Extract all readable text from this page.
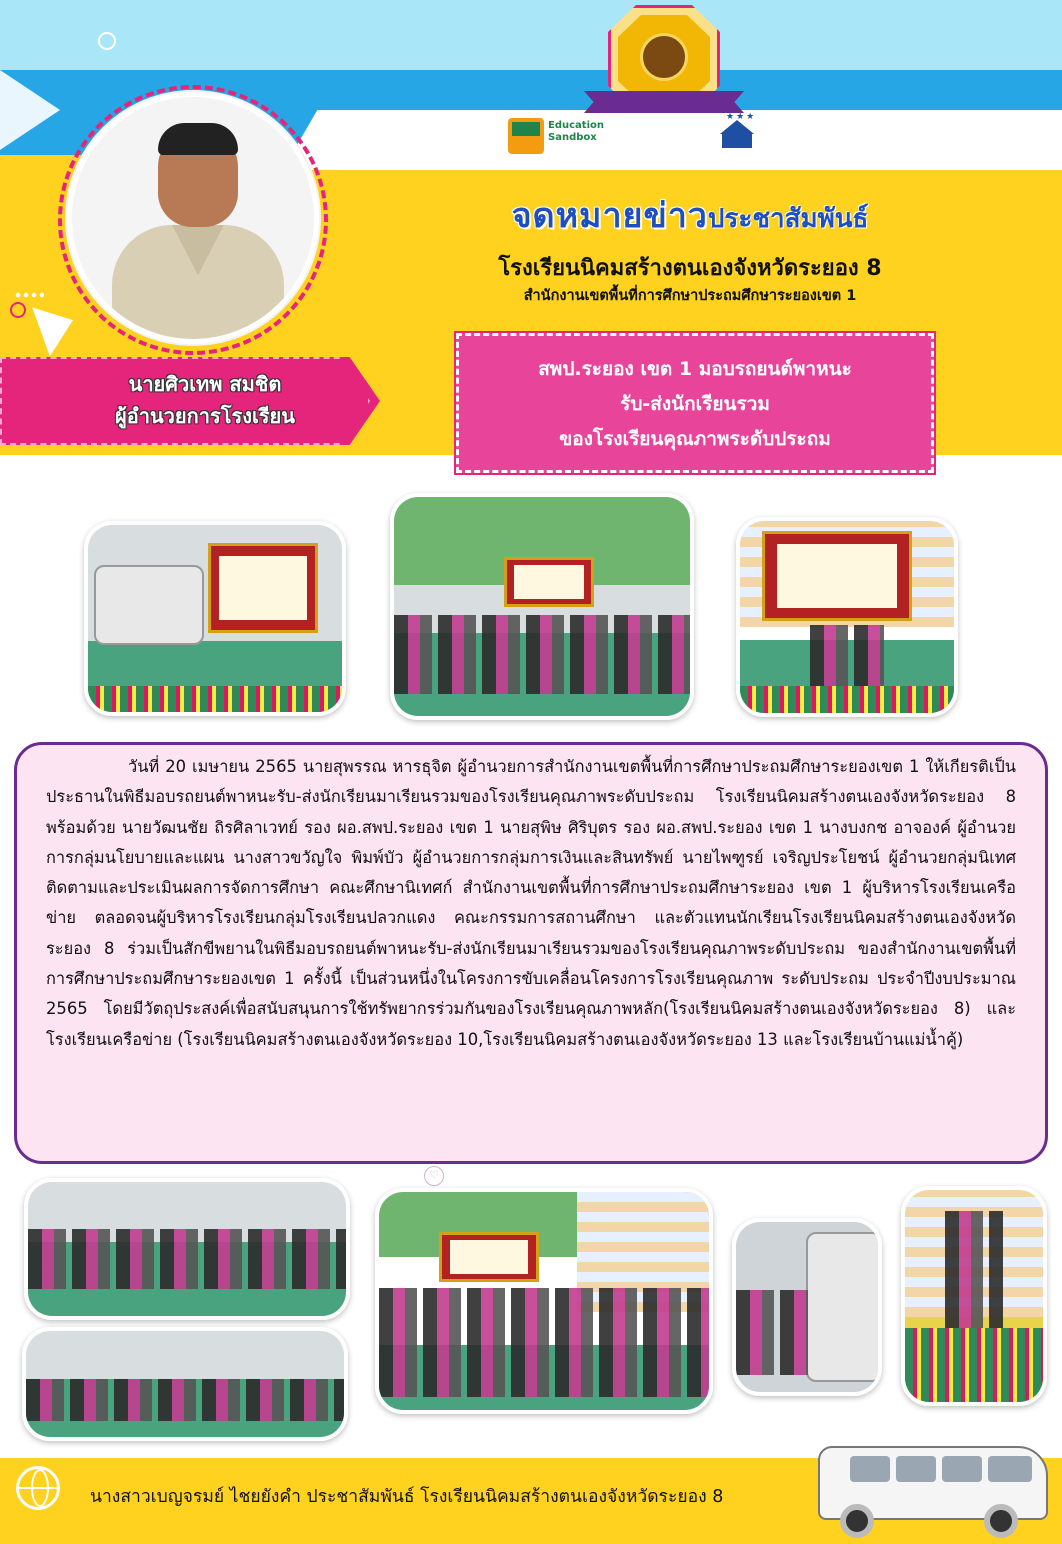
นายศิวเทพ สมชิต
ผู้อำนวยการโรงเรียน
Education Sandbox
★★★
จดหมายข่าวประชาสัมพันธ์
โรงเรียนนิคมสร้างตนเองจังหวัดระยอง 8
สำนักงานเขตพื้นที่การศึกษาประถมศึกษาระยองเขต 1
สพป.ระยอง เขต 1 มอบรถยนต์พาหนะ
รับ-ส่งนักเรียนรวม
ของโรงเรียนคุณภาพระดับประถม
วันที่ 20 เมษายน 2565 นายสุพรรณ หารธุจิต ผู้อำนวยการสำนักงานเขตพื้นที่การศึกษาประถมศึกษาระยองเขต 1 ให้เกียรติเป็นประธานในพิธีมอบรถยนต์พาหนะรับ-ส่งนักเรียนมาเรียนรวมของโรงเรียนคุณภาพระดับประถม โรงเรียนนิคมสร้างตนเองจังหวัดระยอง 8 พร้อมด้วย นายวัฒนชัย ถิรศิลาเวทย์ รอง ผอ.สพป.ระยอง เขต 1 นายสุพิษ ศิริบุตร รอง ผอ.สพป.ระยอง เขต 1 นางบงกช อาจองค์ ผู้อำนวยการกลุ่มนโยบายและแผน นางสาวขวัญใจ พิมพ์บัว ผู้อำนวยการกลุ่มการเงินและสินทรัพย์ นายไพฑูรย์ เจริญประโยชน์ ผู้อำนวยกลุ่มนิเทศ ติดตามและประเมินผลการจัดการศึกษา คณะศึกษานิเทศก์ สำนักงานเขตพื้นที่การศึกษาประถมศึกษาระยอง เขต 1 ผู้บริหารโรงเรียนเครือข่าย ตลอดจนผู้บริหารโรงเรียนกลุ่มโรงเรียนปลวกแดง คณะกรรมการสถานศึกษา และตัวแทนนักเรียนโรงเรียนนิคมสร้างตนเองจังหวัดระยอง 8 ร่วมเป็นสักขีพยานในพิธีมอบรถยนต์พาหนะรับ-ส่งนักเรียนมาเรียนรวมของโรงเรียนคุณภาพระดับประถม ของสำนักงานเขตพื้นที่การศึกษาประถมศึกษาระยองเขต 1 ครั้งนี้ เป็นส่วนหนึ่งในโครงการขับเคลื่อนโครงการโรงเรียนคุณภาพ ระดับประถม ประจำปีงบประมาณ 2565 โดยมีวัตถุประสงค์เพื่อสนับสนุนการใช้ทรัพยากรร่วมกันของโรงเรียนคุณภาพหลัก(โรงเรียนนิคมสร้างตนเองจังหวัดระยอง 8) และโรงเรียนเครือข่าย (โรงเรียนนิคมสร้างตนเองจังหวัดระยอง 10,โรงเรียนนิคมสร้างตนเองจังหวัดระยอง 13 และโรงเรียนบ้านแม่น้ำคู้)
♡
นางสาวเบญจรมย์ ไชยยังคำ ประชาสัมพันธ์ โรงเรียนนิคมสร้างตนเองจังหวัดระยอง 8
